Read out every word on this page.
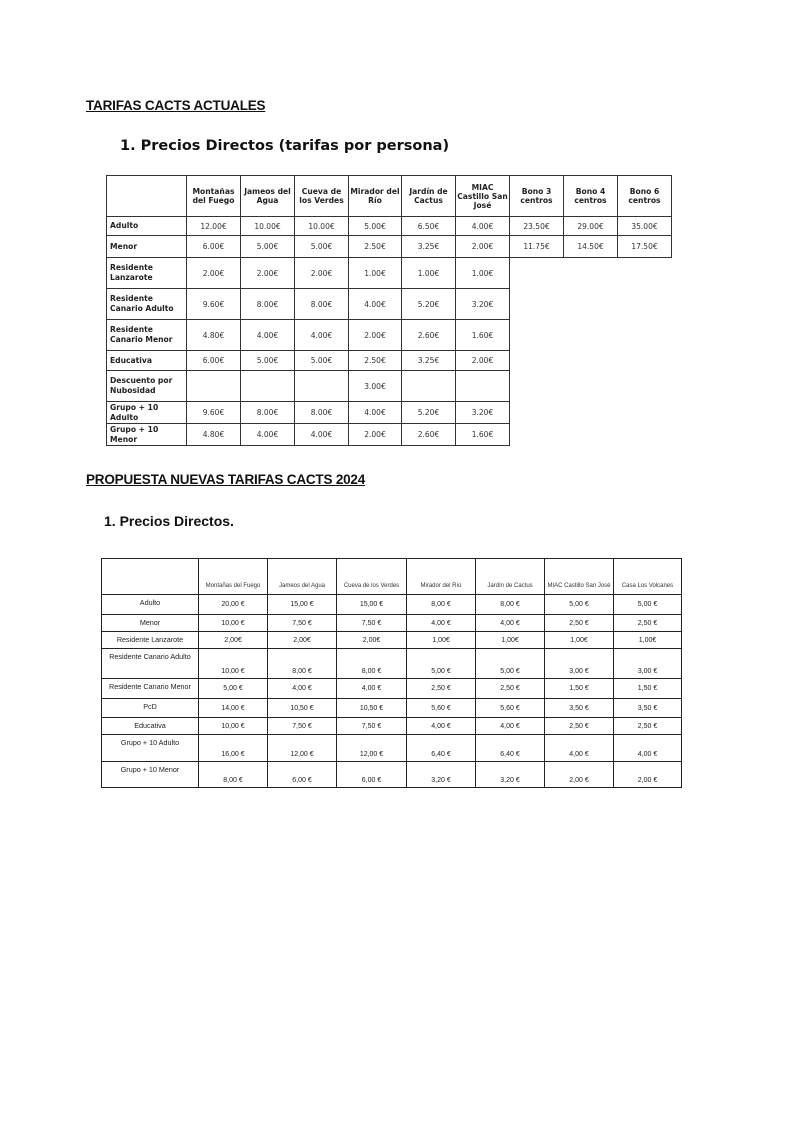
TARIFAS CACTS ACTUALES
1. Precios Directos (tarifas por persona)
	Montañas del Fuego	Jameos del Agua	Cueva de los Verdes	Mirador del Río	Jardín de Cactus	MIAC Castillo San José	Bono 3 centros	Bono 4 centros	Bono 6 centros
Adulto	12.00€	10.00€	10.00€	5.00€	6.50€	4.00€	23.50€	29.00€	35.00€
Menor	6.00€	5.00€	5.00€	2.50€	3.25€	2.00€	11.75€	14.50€	17.50€
Residente Lanzarote	2.00€	2.00€	2.00€	1.00€	1.00€	1.00€			
Residente Canario Adulto	9.60€	8.00€	8.00€	4.00€	5.20€	3.20€			
Residente Canario Menor	4.80€	4.00€	4.00€	2.00€	2.60€	1.60€			
Educativa	6.00€	5.00€	5.00€	2.50€	3.25€	2.00€			
Descuento por Nubosidad				3.00€					
Grupo + 10 Adulto	9.60€	8.00€	8.00€	4.00€	5.20€	3.20€			
Grupo + 10 Menor	4.80€	4.00€	4.00€	2.00€	2.60€	1.60€			
PROPUESTA NUEVAS TARIFAS CACTS 2024
1. Precios Directos.
	Montañas del Fuego	Jameos del Agua	Cueva de los Verdes	Mirador del Río	Jardín de Cactus	MIAC Castillo San José	Casa Los Volcanes
Adulto	20,00 €	15,00 €	15,00 €	8,00 €	8,00 €	5,00 €	5,00 €
Menor	10,00 €	7,50 €	7,50 €	4,00 €	4,00 €	2,50 €	2,50 €
Residente Lanzarote	2,00€	2,00€	2,00€	1,00€	1,00€	1,00€	1,00€
Residente Canario Adulto	10,00 €	8,00 €	8,00 €	5,00 €	5,00 €	3,00 €	3,00 €
Residente Canario Menor	5,00 €	4,00 €	4,00 €	2,50 €	2,50 €	1,50 €	1,50 €
PcD	14,00 €	10,50 €	10,50 €	5,60 €	5,60 €	3,50 €	3,50 €
Educativa	10,00 €	7,50 €	7,50 €	4,00 €	4,00 €	2,50 €	2,50 €
Grupo + 10 Adulto	16,00 €	12,00 €	12,00 €	6,40 €	6,40 €	4,00 €	4,00 €
Grupo + 10 Menor	8,00 €	6,00 €	6,00 €	3,20 €	3,20 €	2,00 €	2,00 €
